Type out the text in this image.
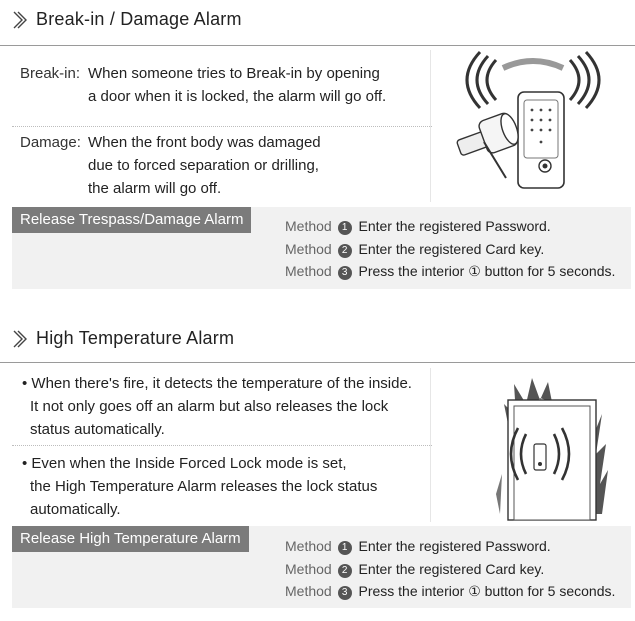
Break-in / Damage Alarm
Break-in: When someone tries to Break-in by opening
a door when it is locked, the alarm will go off.
Damage: When the front body was damaged
due to forced separation or drilling,
the alarm will go off.
Release Trespass/Damage Alarm	Method 1 Enter the registered Password.
Method 2 Enter the registered Card key.
Method 3 Press the interior ① button for 5 seconds.
High Temperature Alarm
• When there's fire, it detects the temperature of the inside.
It not only goes off an alarm but also releases the lock
status automatically.
• Even when the Inside Forced Lock mode is set,
the High Temperature Alarm releases the lock status
automatically.
Release High Temperature Alarm	Method 1 Enter the registered Password.
Method 2 Enter the registered Card key.
Method 3 Press the interior ① button for 5 seconds.
